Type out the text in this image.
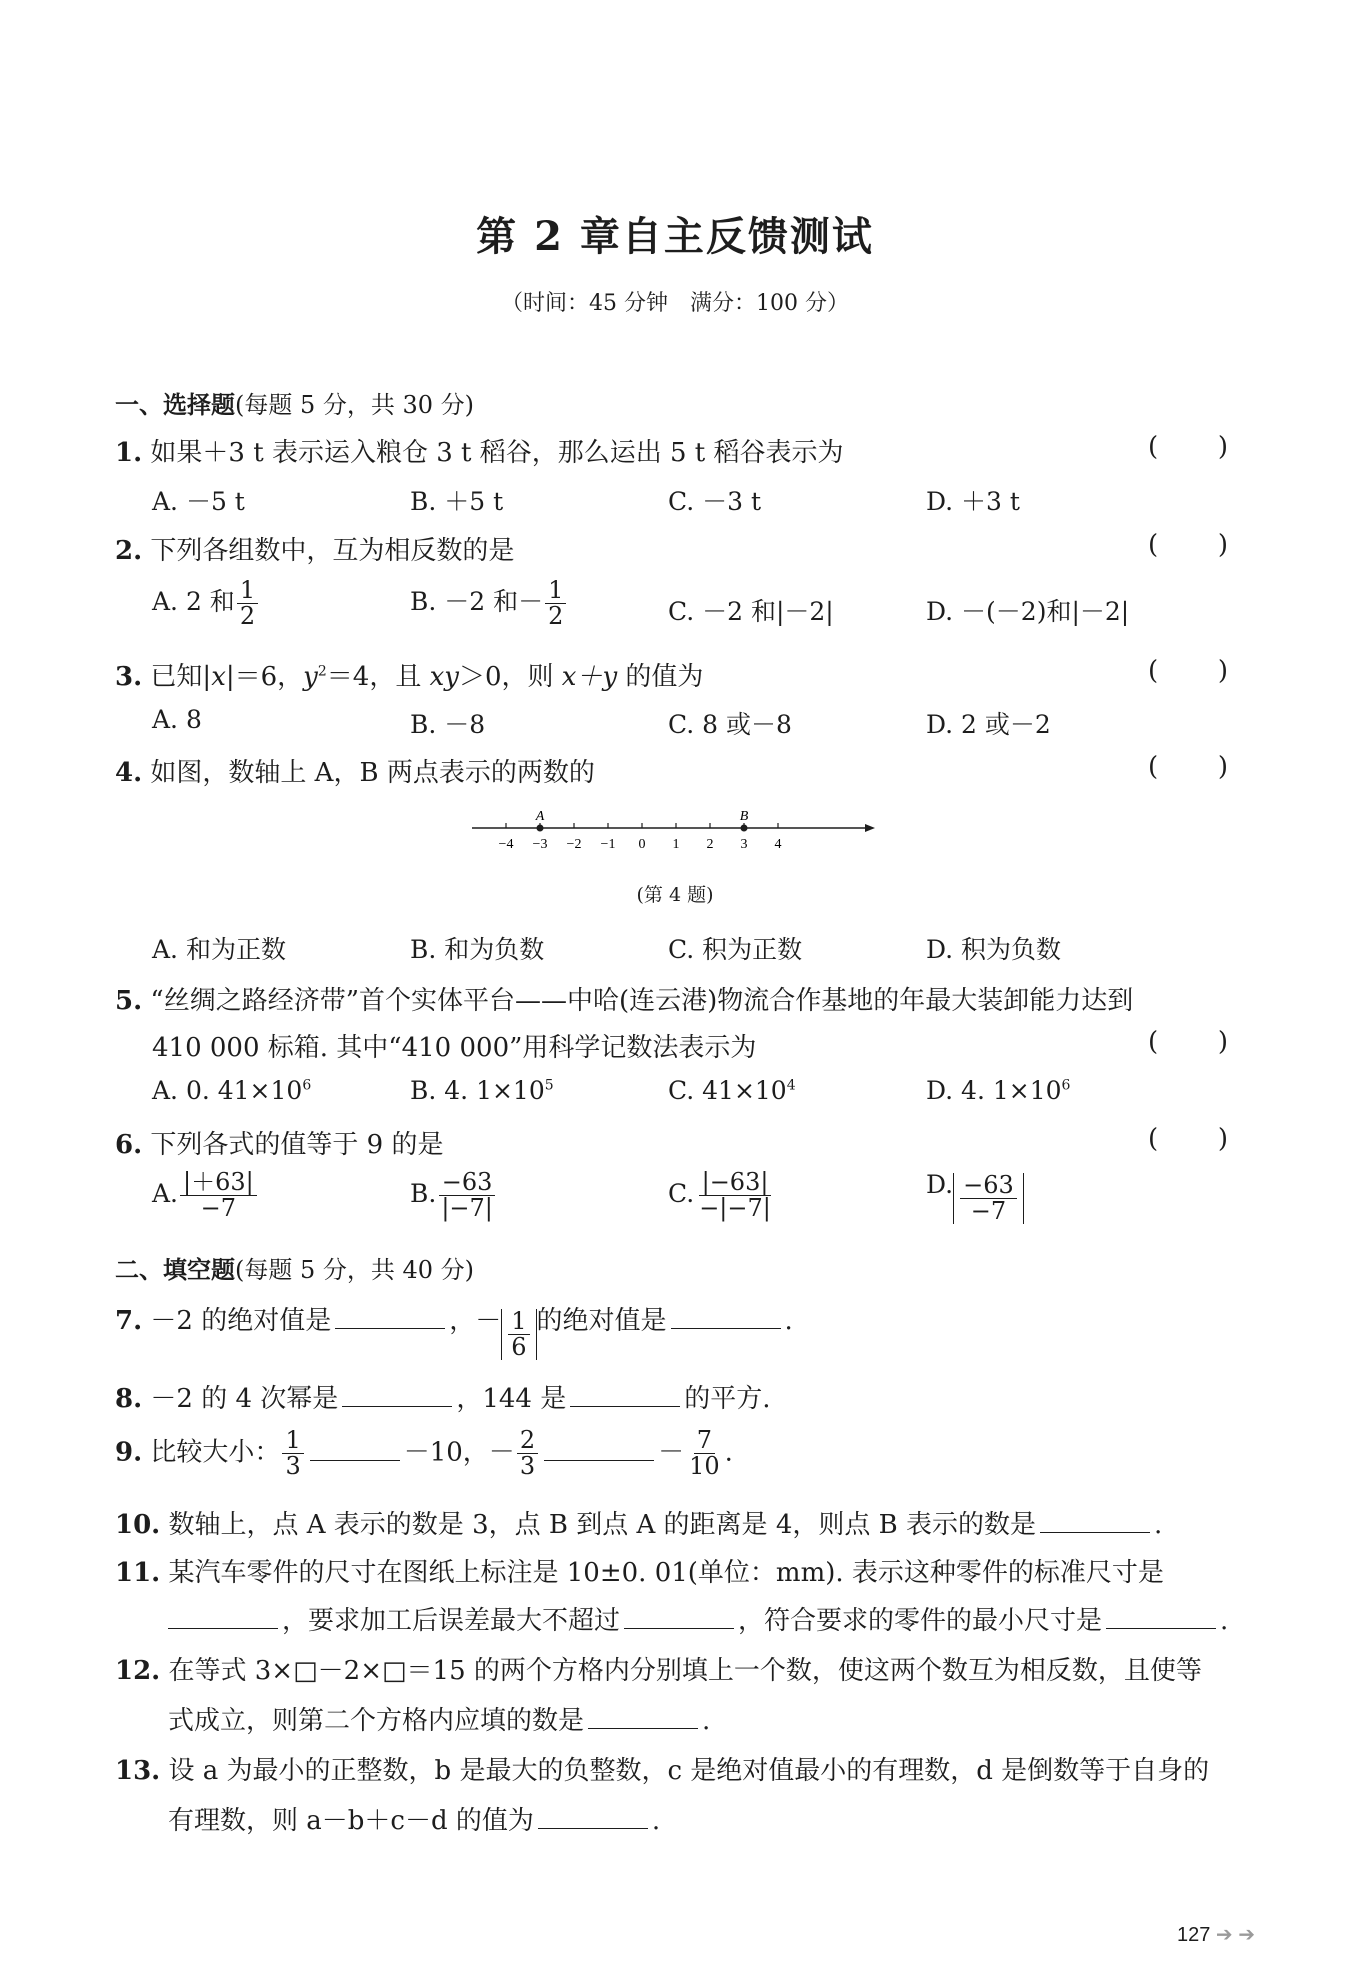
第 2 章自主反馈测试
（时间：45 分钟　满分：100 分）
一、选择题(每题 5 分，共 30 分)
1. 如果＋3 t 表示运入粮仓 3 t 稻谷，那么运出 5 t 稻谷表示为	( )
A. －5 t	B. ＋5 t	C. －3 t	D. ＋3 t
2. 下列各组数中，互为相反数的是	( )
A. 2 和 $\frac{1}{2}$	B. －2 和－ $\frac{1}{2}$	C. －2 和|－2|	D. －(－2)和|－2|
3. 已知|x|＝6，$y^2=4$，且 xy＞0，则 x＋y 的值为	( )
A. 8	B. －8	C. 8 或－8	D. 2 或－2
4. 如图，数轴上 A，B 两点表示的两数的	( )
−4 −3 −2 −1 0 1 2 3 4
A	B
(第 4 题)
A. 和为正数	B. 和为负数	C. 积为正数	D. 积为负数
5. “丝绸之路经济带”首个实体平台——中哈(连云港)物流合作基地的年最大装卸能力达到
410 000 标箱. 其中“410 000”用科学记数法表示为	( )
A. 0. $41\times 10^6$	B. 4. $1\times 10^5$	C. $41\times 10^4$	D. 4. $1\times 10^6$
6. 下列各式的值等于 9 的是	( )
A. $\frac{|+63|}{-7}$	B. $\frac{-63}{|-7|}$	C. $\frac{|-63|}{-|-7|}$	D. $\frac{-63}{-7}$
二、填空题(每题 5 分，共 40 分)
7. －2 的绝对值是	，－ $\frac{1}{6}$ 的绝对值是	.
8. －2 的 4 次幂是	，144 是	的平方.
9. 比较大小： $\frac{1}{3}$	－10，－ $\frac{2}{3}$	－ $\frac{7}{10}$ .
10. 数轴上，点 A 表示的数是 3，点 B 到点 A 的距离是 4，则点 B 表示的数是	.
11. 某汽车零件的尺寸在图纸上标注是 10±0. 01(单位：mm). 表示这种零件的标准尺寸是
，要求加工后误差最大不超过	，符合要求的零件的最小尺寸是	.
12. 在等式 3×□－2×□＝15 的两个方格内分别填上一个数，使这两个数互为相反数，且使等
式成立，则第二个方格内应填的数是	.
13. 设 a 为最小的正整数，b 是最大的负整数，c 是绝对值最小的有理数，d 是倒数等于自身的
有理数，则 a－b＋c－d 的值为	.
127 ➔ ➔
